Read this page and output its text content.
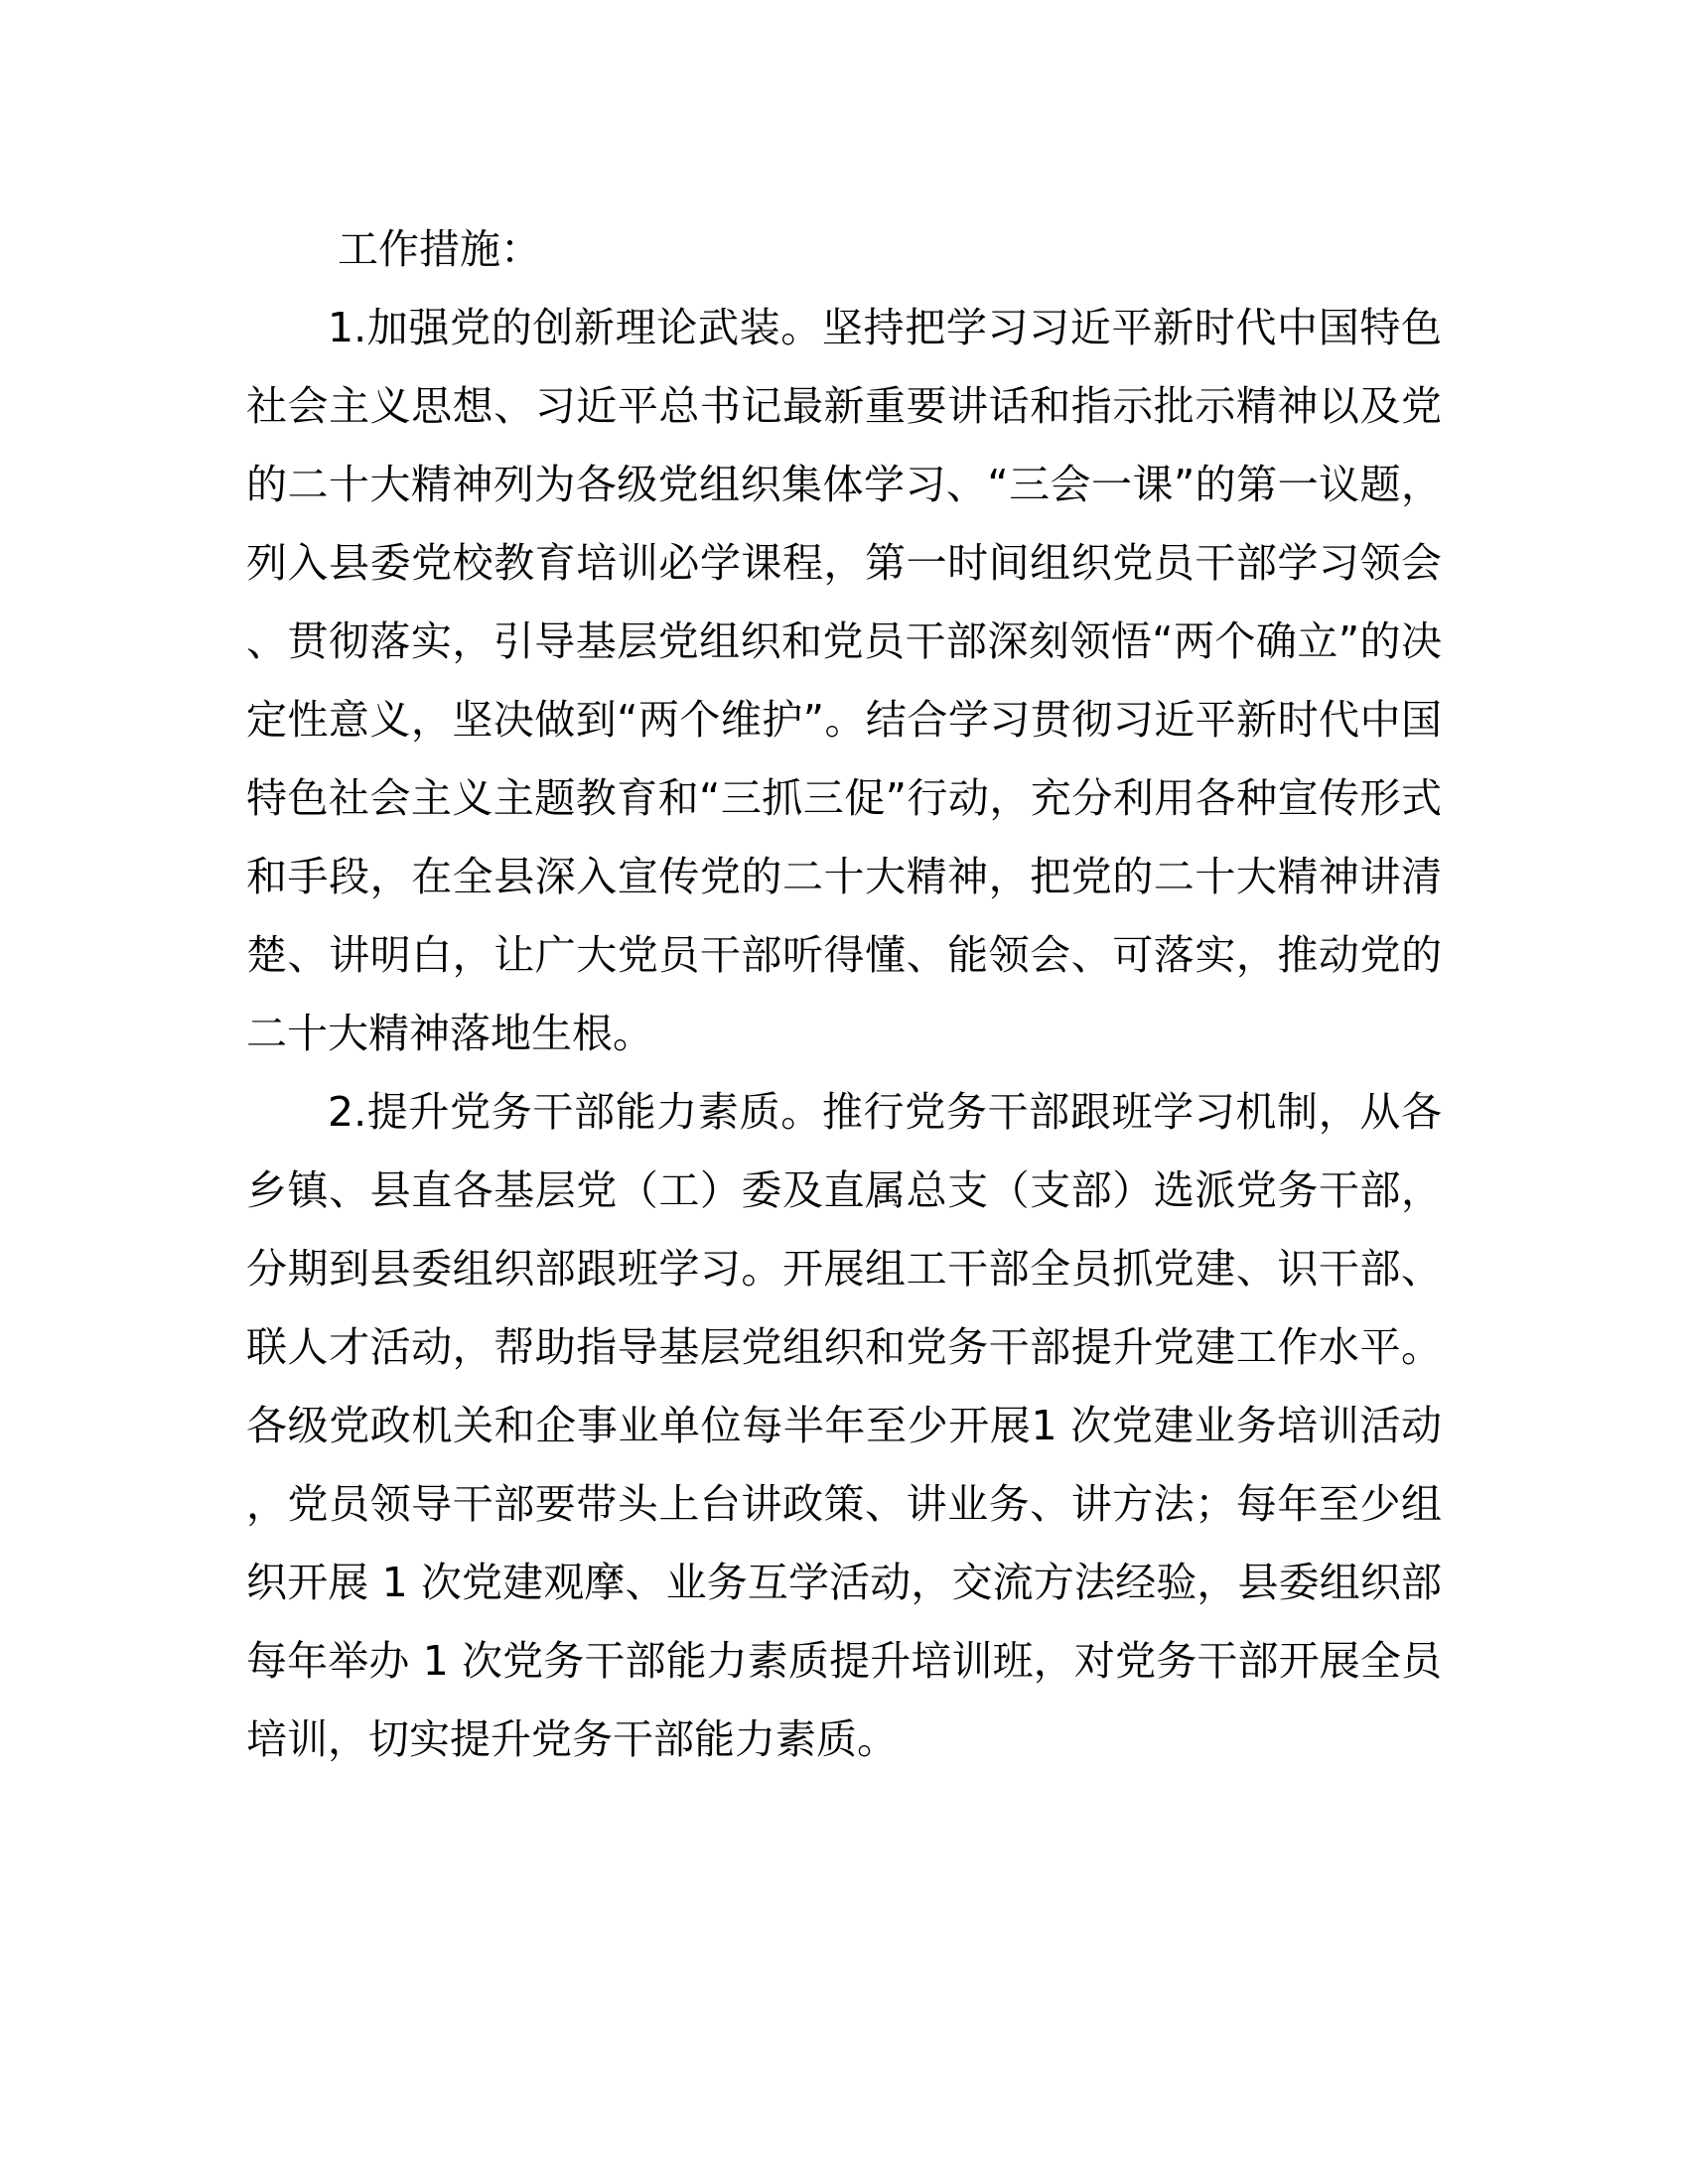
工作措施：

1.加强党的创新理论武装。坚持把学习习近平新时代中国特色社会主义思想、习近平总书记最新重要讲话和指示批示精神以及党的二十大精神列为各级党组织集体学习、“三会一课”的第一议题，列入县委党校教育培训必学课程，第一时间组织党员干部学习领会、贯彻落实，引导基层党组织和党员干部深刻领悟“两个确立”的决定性意义，坚决做到“两个维护”。结合学习贯彻习近平新时代中国特色社会主义主题教育和“三抓三促”行动，充分利用各种宣传形式和手段，在全县深入宣传党的二十大精神，把党的二十大精神讲清楚、讲明白，让广大党员干部听得懂、能领会、可落实，推动党的二十大精神落地生根。

2.提升党务干部能力素质。推行党务干部跟班学习机制，从各乡镇、县直各基层党（工）委及直属总支（支部）选派党务干部，分期到县委组织部跟班学习。开展组工干部全员抓党建、识干部、联人才活动，帮助指导基层党组织和党务干部提升党建工作水平。各级党政机关和企事业单位每半年至少开展1 次党建业务培训活动，党员领导干部要带头上台讲政策、讲业务、讲方法；每年至少组织开展 1 次党建观摩、业务互学活动，交流方法经验，县委组织部每年举办 1 次党务干部能力素质提升培训班，对党务干部开展全员培训，切实提升党务干部能力素质。
